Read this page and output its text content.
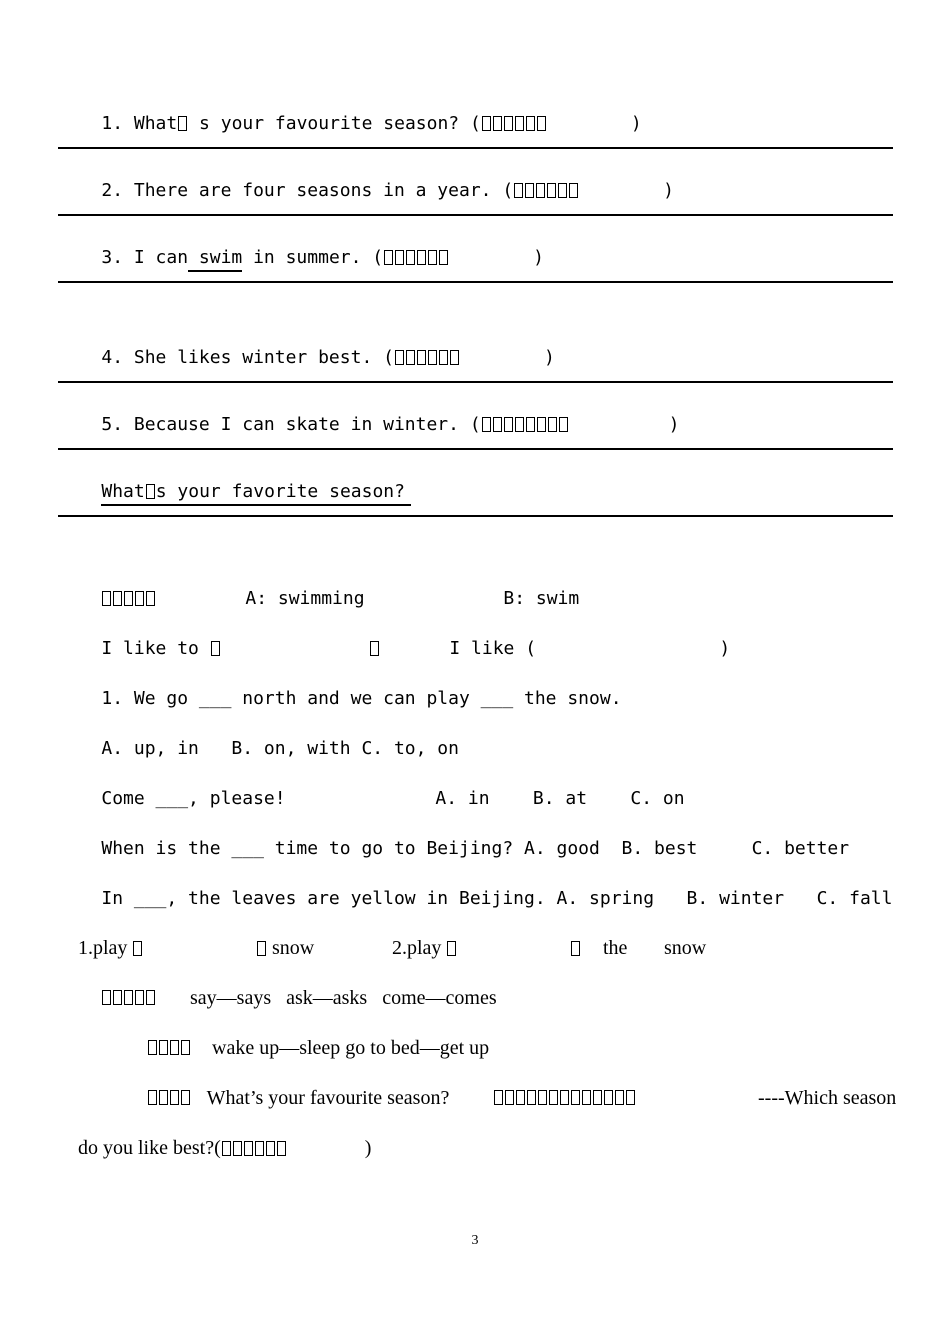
1. What s your favourite season? (	)

2. There are four seasons in a year. (	)

3. I can swim in summer. (	)

4. She likes winter best. (	)

5. Because I can skate in winter. (	)

What s your favorite season?

A: swimming
	B: swim

I like to

	I like (
	)

1. We go ___ north and we can play ___ the snow.

A. up, in   B. on, with C. to, on

Come ___, please!
	A. in    B. at    C. on

When is the ___ time to go to Beijing? A. good  B. best     C. better

In ___, the leaves are yellow in Beijing. A. spring   B. winter   C. fall

1.play
	snow
	2.play

	the
	snow

say—says ask—asks come—comes

wake up—sleep go to bed—get up

What’s your favourite season?

	----Which season

do you like best?(	)

3
